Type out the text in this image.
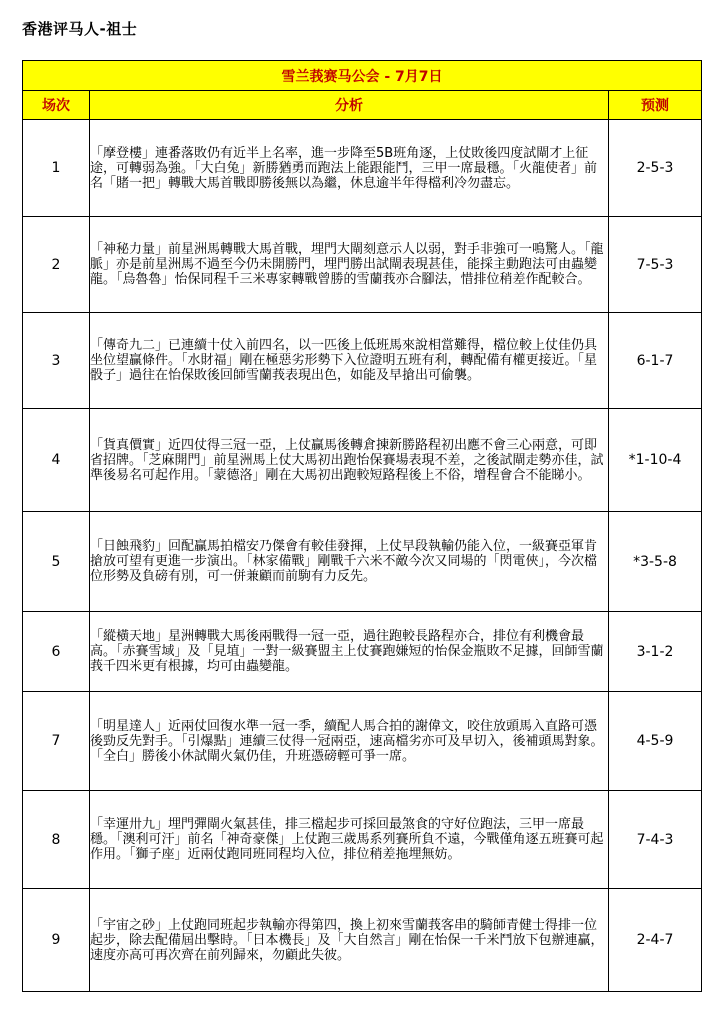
香港评马人-祖士
雪兰莪赛马公会 - 7月7日		
场次	分析	预测
1	「摩登樓」連番落敗仍有近半上名率，進一步降至5B班角逐，上仗敗後四度試閘才上征途，可轉弱為強。「大白兔」新勝猶勇而跑法上能跟能鬥，三甲一席最穩。「火龍使者」前名「賭一把」轉戰大馬首戰即勝後無以為繼，休息逾半年得檔利冷勿盡忘。	2-5-3
2	「神秘力量」前星洲馬轉戰大馬首戰，埋門大閘刻意示人以弱，對手非強可一鳴驚人。「龍脈」亦是前星洲馬不過至今仍未開勝門，埋門勝出試閘表現甚佳，能採主動跑法可由蟲變龍。「烏魯魯」怡保同程千三米專家轉戰曾勝的雪蘭莪亦合腳法，惜排位稍差作配較合。	7-5-3
3	「傳奇九二」已連續十仗入前四名，以一匹後上低班馬來說相當難得，檔位較上仗佳仍具坐位望贏條件。「水財福」剛在極惡劣形勢下入位證明五班有利，轉配備有權更接近。「星骰子」過往在怡保敗後回師雪蘭莪表現出色，如能及早搶出可偷襲。	6-1-7
4	「貨真價實」近四仗得三冠一亞，上仗贏馬後轉倉揀新勝路程初出應不會三心兩意，可即省招牌。「芝麻開門」前星洲馬上仗大馬初出跑怡保賽場表現不差，之後試閘走勢亦佳，試準後易名可起作用。「蒙德洛」剛在大馬初出跑較短路程後上不俗，增程會合不能睇小。	*1-10-4
5	「日蝕飛豹」回配贏馬拍檔安乃傑會有較佳發揮，上仗早段執輸仍能入位，一級賽亞軍肯搶放可望有更進一步演出。「林家備戰」剛戰千六米不敵今次又同場的「閃電俠」，今次檔位形勢及負磅有別，可一併兼顧而前駒有力反先。	*3-5-8
6	「縱橫天地」星洲轉戰大馬後兩戰得一冠一亞，過往跑較長路程亦合，排位有利機會最高。「赤賽雪域」及「見埴」一對一級賽盟主上仗賽跑嫌短的怡保金瓶敗不足據，回師雪蘭莪千四米更有根據，均可由蟲變龍。	3-1-2
7	「明星達人」近兩仗回復水準一冠一季，續配人馬合拍的謝偉文，咬住放頭馬入直路可憑後勁反先對手。「引爆點」連續三仗得一冠兩亞，速高檔劣亦可及早切入，後補頭馬對象。「全白」勝後小休試閘火氣仍佳，升班憑磅輕可爭一席。	4-5-9
8	「幸運卅九」埋門彈閘火氣甚佳，排三檔起步可採回最煞食的守好位跑法，三甲一席最穩。「澳利可汗」前名「神奇豪傑」上仗跑三歲馬系列賽所負不遠，今戰僅角逐五班賽可起作用。「獅子座」近兩仗跑同班同程均入位，排位稍差拖埋無妨。	7-4-3
9	「宇宙之砂」上仗跑同班起步執輸亦得第四，換上初來雪蘭莪客串的騎師青健士得排一位起步，除去配備屆出擊時。「日本機長」及「大自然言」剛在怡保一千米鬥放下包辦連贏，速度亦高可再次齊在前列歸來，勿顧此失彼。	2-4-7
